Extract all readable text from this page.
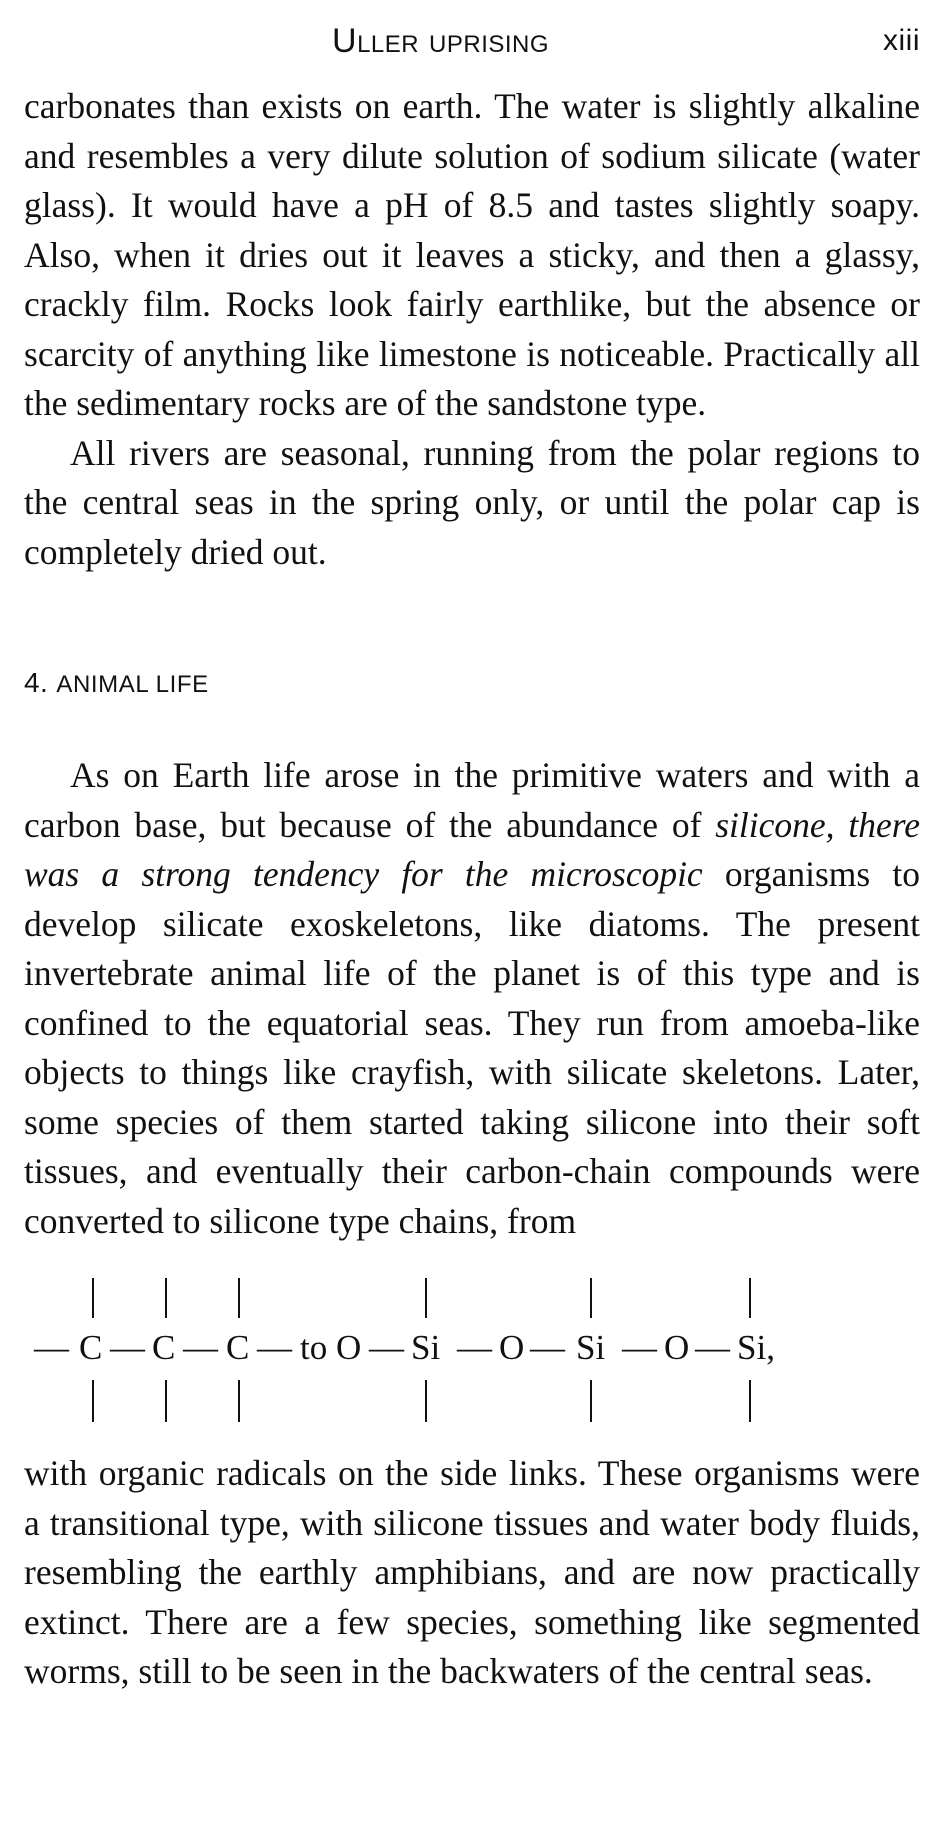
Uller uprising	xiii

carbonates than exists on earth. The water is slightly alkaline and resembles a very dilute solution of sodium silicate (water glass). It would have a pH of 8.5 and tastes slightly soapy. Also, when it dries out it leaves a sticky, and then a glassy, crackly film. Rocks look fairly earthlike, but the absence or scarcity of anything like limestone is noticeable. Practically all the sedimentary rocks are of the sandstone type.

All rivers are seasonal, running from the polar regions to the central seas in the spring only, or until the polar cap is completely dried out.

4. ANIMAL LIFE

As on Earth life arose in the primitive waters and with a carbon base, but because of the abundance of silicone, there was a strong tendency for the microscopic organisms to develop silicate exoskeletons, like diatoms. The present invertebrate animal life of the planet is of this type and is confined to the equatorial seas. They run from amoeba-like objects to things like crayfish, with silicate skeletons. Later, some species of them started taking silicone into their soft tissues, and eventually their carbon-chain compounds were converted to silicone type chains, from

— C — C — C — to O — Si — O — Si — O — Si,

with organic radicals on the side links. These organisms were a transitional type, with silicone tissues and water body fluids, resembling the earthly amphibians, and are now practically extinct. There are a few species, something like segmented worms, still to be seen in the backwaters of the central seas.
